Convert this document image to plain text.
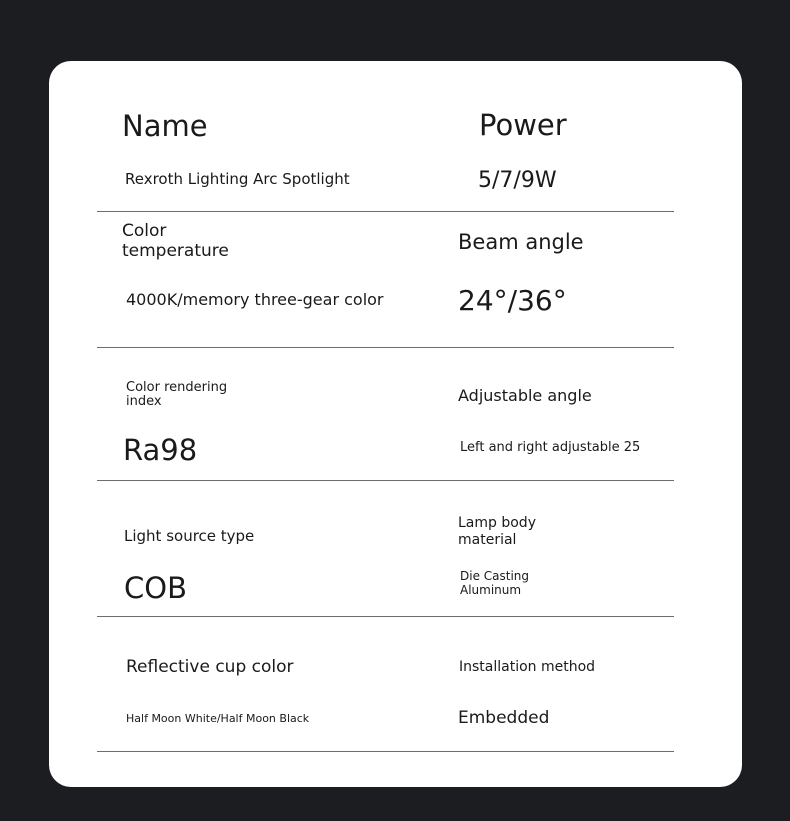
Name
Rexroth Lighting Arc Spotlight
Power
5/7/9W
Color
temperature
4000K/memory three-gear color
Beam angle
24°/36°
Color rendering
index
Ra98
Adjustable angle
Left and right adjustable 25
Light source type
COB
Lamp body
material
Die Casting
Aluminum
Reflective cup color
Half Moon White/Half Moon Black
Installation method
Embedded
